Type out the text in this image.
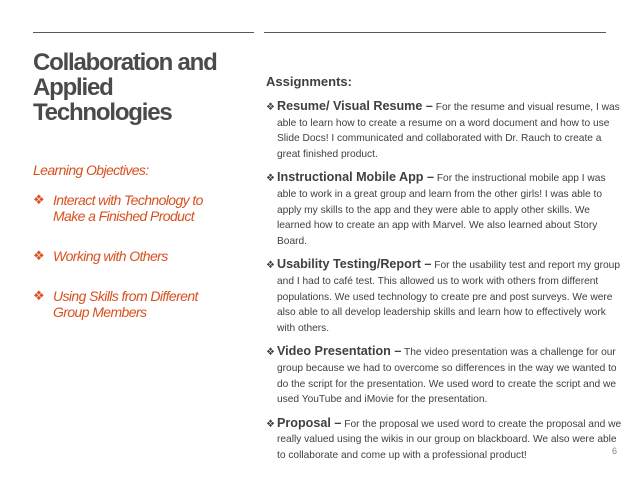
Collaboration and
Applied
Technologies
Learning Objectives:
❖ Interact with Technology to Make a Finished Product
❖ Working with Others
❖ Using Skills from Different Group Members
Assignments:
❖ Resume/ Visual Resume – For the resume and visual resume, I was able to learn how to create a resume on a word document and how to use Slide Docs! I communicated and collaborated with Dr. Rauch to create a great finished product.
❖ Instructional Mobile App – For the instructional mobile app I was able to work in a great group and learn from the other girls! I was able to apply my skills to the app and they were able to apply other skills. We learned how to create an app with Marvel. We also learned about Story Board.
❖ Usability Testing/Report – For the usability test and report my group and I had to café test. This allowed us to work with others from different populations. We used technology to create pre and post surveys. We were also able to all develop leadership skills and learn how to effectively work with others.
❖ Video Presentation – The video presentation was a challenge for our group because we had to overcome so differences in the way we wanted to do the script for the presentation. We used word to create the script and we used YouTube and iMovie for the presentation.
❖ Proposal – For the proposal we used word to create the proposal and we really valued using the wikis in our group on blackboard. We also were able to collaborate and come up with a professional product!	6
